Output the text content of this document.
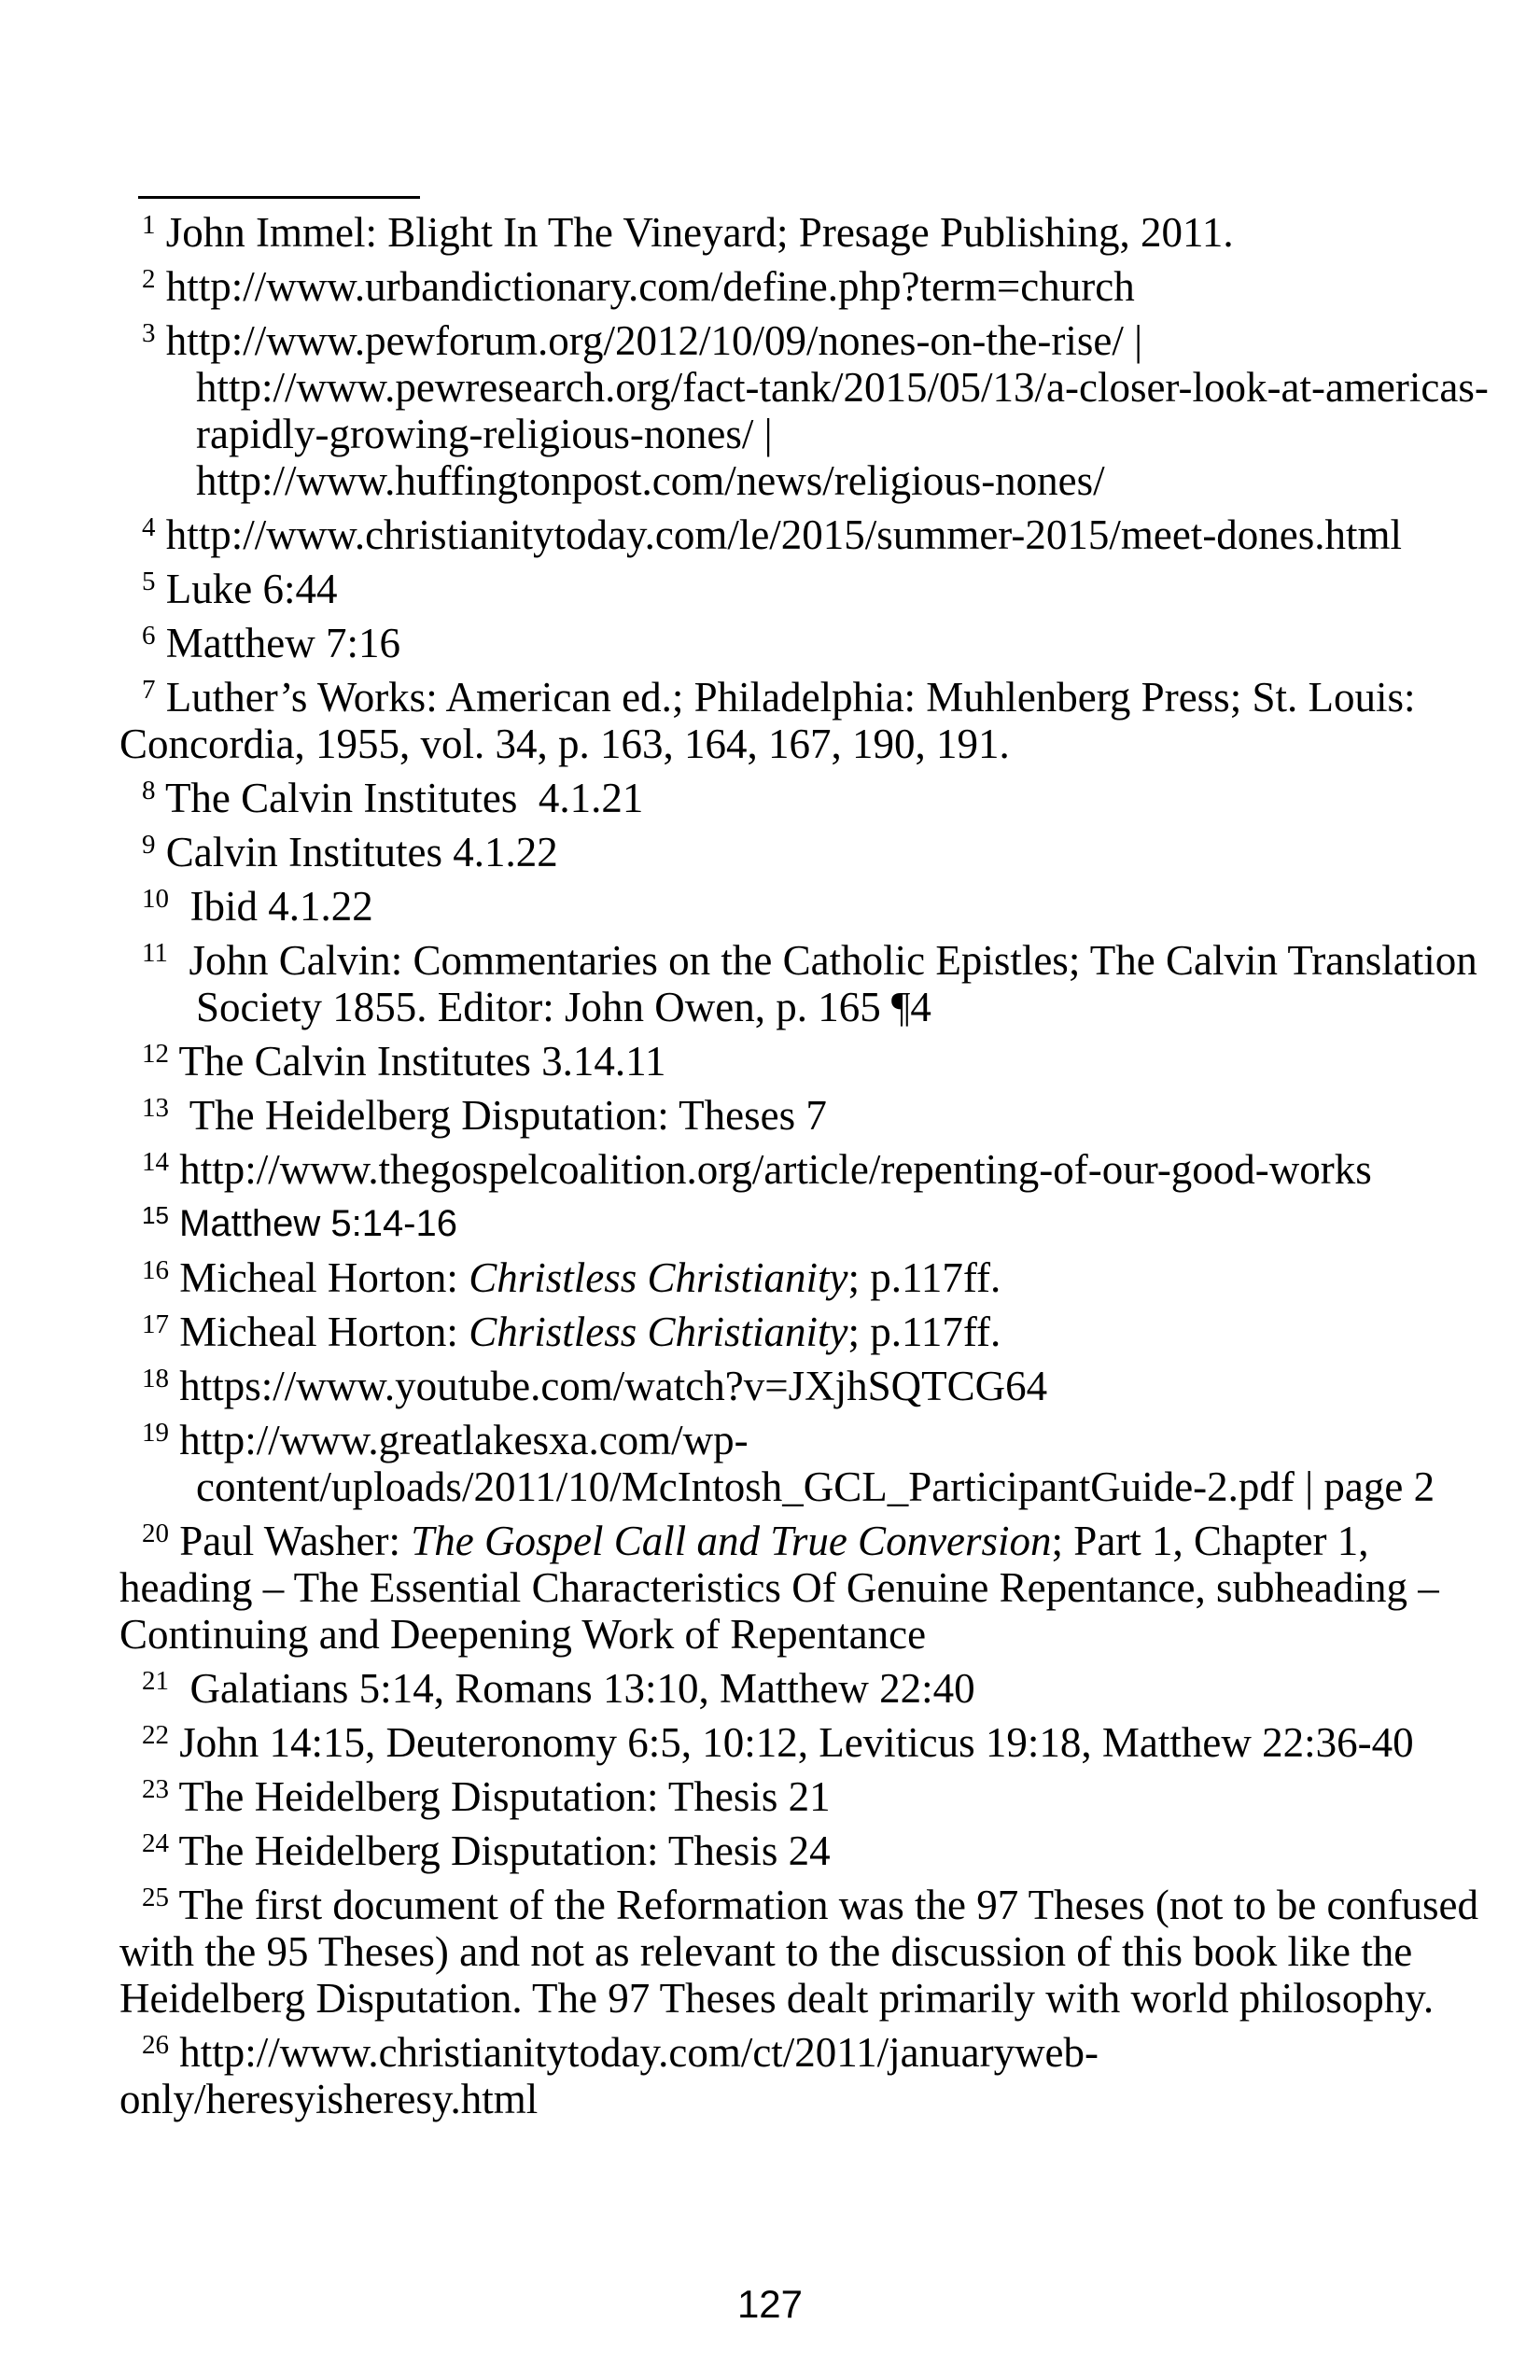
$^1$ John Immel: Blight In The Vineyard; Presage Publishing, 2011.
$^2$ http://www.urbandictionary.com/define.php?term=church
$^3$ http://www.pewforum.org/2012/10/09/nones-on-the-rise/ |
http://www.pewresearch.org/fact-tank/2015/05/13/a-closer-look-at-americas-
rapidly-growing-religious-nones/ |
http://www.huffingtonpost.com/news/religious-nones/
$^4$ http://www.christianitytoday.com/le/2015/summer-2015/meet-dones.html
$^5$ Luke 6:44
$^6$ Matthew 7:16
$^7$ Luther’s Works: American ed.; Philadelphia: Muhlenberg Press; St. Louis:
Concordia, 1955, vol. 34, p. 163, 164, 167, 190, 191.
$^8$ The Calvin Institutes  4.1.21
$^9$ Calvin Institutes 4.1.22
$^{10}$ Ibid 4.1.22
$^{11}$ John Calvin: Commentaries on the Catholic Epistles; The Calvin Translation
Society 1855. Editor: John Owen, p. 165 ¶4
$^{12}$ The Calvin Institutes 3.14.11
$^{13}$ The Heidelberg Disputation: Theses 7
$^{14}$ http://www.thegospelcoalition.org/article/repenting-of-our-good-works
$^{15}$ Matthew 5:14-16
$^{16}$ Micheal Horton: Christless Christianity; p.117ff.
$^{17}$ Micheal Horton: Christless Christianity; p.117ff.
$^{18}$ https://www.youtube.com/watch?v=JXjhSQTCG64
$^{19}$ http://www.greatlakesxa.com/wp-
content/uploads/2011/10/McIntosh_GCL_ParticipantGuide-2.pdf | page 2
$^{20}$ Paul Washer: The Gospel Call and True Conversion; Part 1, Chapter 1,
heading – The Essential Characteristics Of Genuine Repentance, subheading –
Continuing and Deepening Work of Repentance
$^{21}$ Galatians 5:14, Romans 13:10, Matthew 22:40
$^{22}$ John 14:15, Deuteronomy 6:5, 10:12, Leviticus 19:18, Matthew 22:36-40
$^{23}$ The Heidelberg Disputation: Thesis 21
$^{24}$ The Heidelberg Disputation: Thesis 24
$^{25}$ The first document of the Reformation was the 97 Theses (not to be confused
with the 95 Theses) and not as relevant to the discussion of this book like the
Heidelberg Disputation. The 97 Theses dealt primarily with world philosophy.
$^{26}$ http://www.christianitytoday.com/ct/2011/januaryweb-
only/heresyisheresy.html
127
